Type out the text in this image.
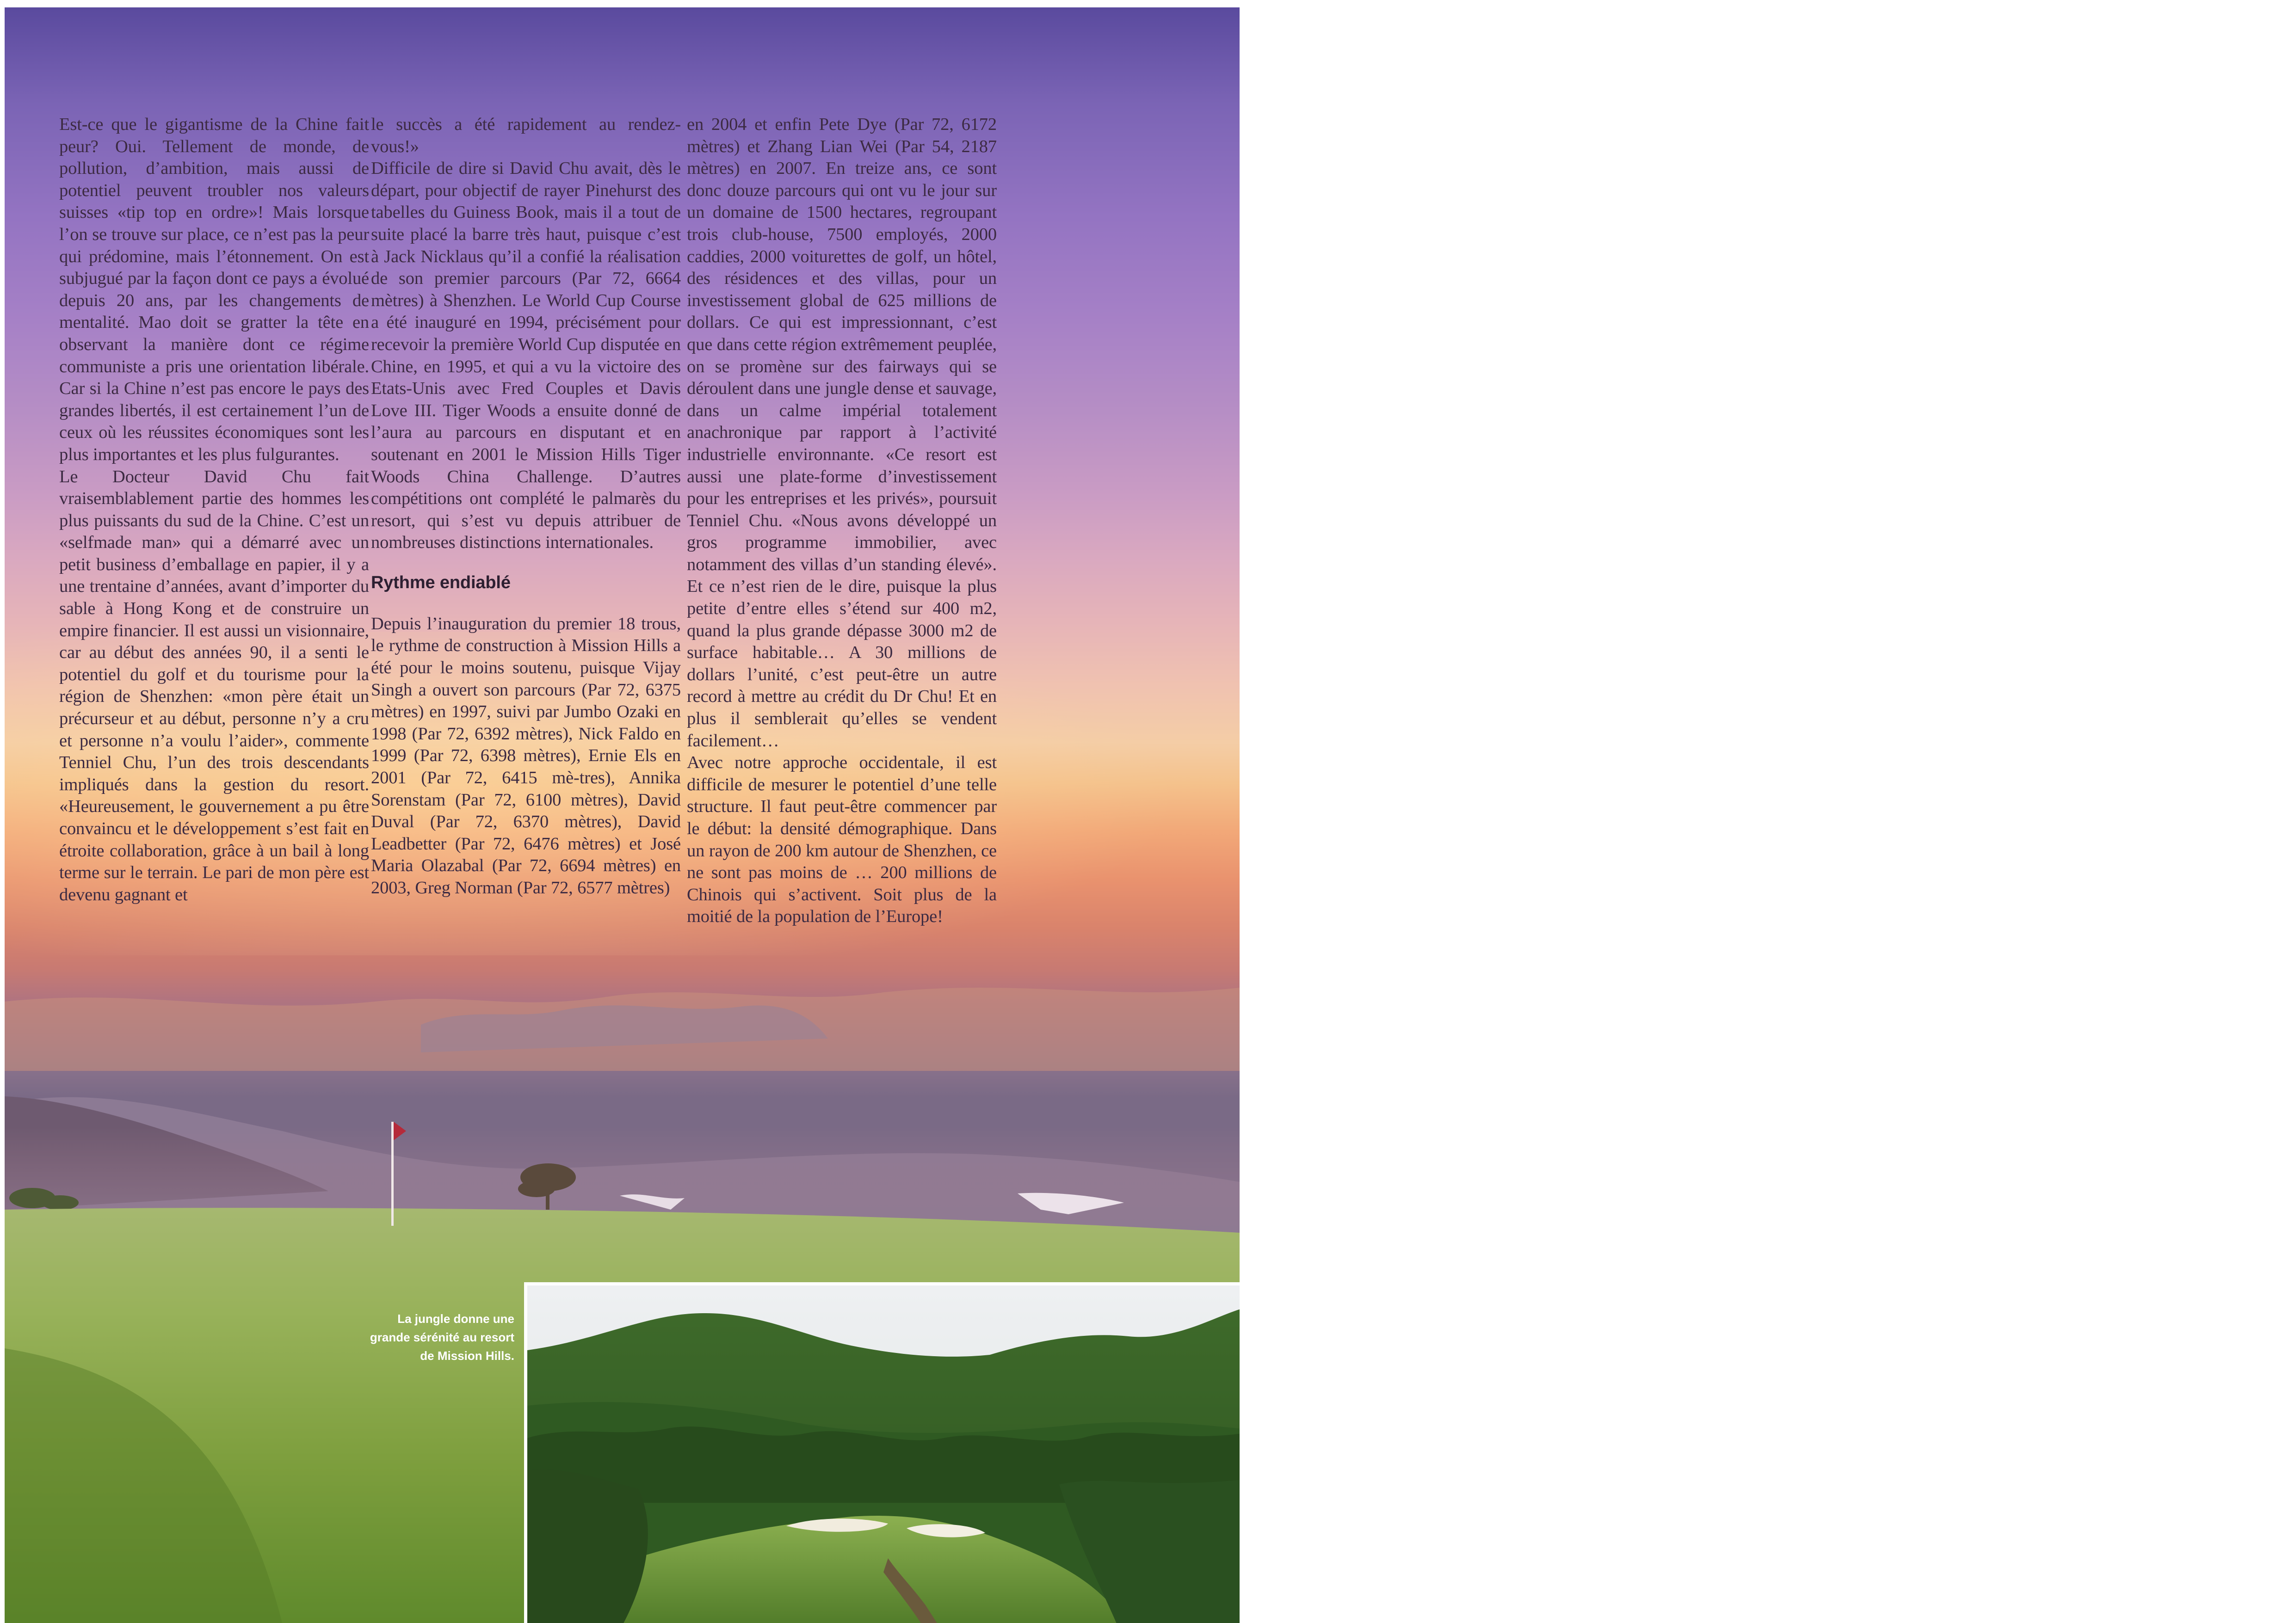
Est-ce que le gigantisme de la Chine fait peur? Oui. Tellement de monde, de pollution, d’ambition, mais aussi de potentiel peuvent troubler nos valeurs suisses «tip top en ordre»! Mais lorsque l’on se trouve sur place, ce n’est pas la peur qui prédomine, mais l’étonnement. On est subjugué par la façon dont ce pays a évolué depuis 20 ans, par les changements de mentalité. Mao doit se gratter la tête en observant la manière dont ce régime communiste a pris une orientation libérale. Car si la Chine n’est pas encore le pays des grandes libertés, il est certainement l’un de ceux où les réussites économiques sont les plus importantes et les plus fulgurantes.

Le Docteur David Chu fait vraisemblablement partie des hommes les plus puissants du sud de la Chine. C’est un «selfmade man» qui a démarré avec un petit business d’emballage en papier, il y a une trentaine d’années, avant d’importer du sable à Hong Kong et de construire un empire financier. Il est aussi un visionnaire, car au début des années 90, il a senti le potentiel du golf et du tourisme pour la région de Shenzhen: «mon père était un précurseur et au début, personne n’y a cru et personne n’a voulu l’aider», commente Tenniel Chu, l’un des trois descendants impliqués dans la gestion du resort. «Heureusement, le gouvernement a pu être convaincu et le développement s’est fait en étroite collaboration, grâce à un bail à long terme sur le terrain. Le pari de mon père est devenu gagnant et

le succès a été rapidement au rendez-vous!»

Difficile de dire si David Chu avait, dès le départ, pour objectif de rayer Pinehurst des tabelles du Guiness Book, mais il a tout de suite placé la barre très haut, puisque c’est à Jack Nicklaus qu’il a confié la réalisation de son premier parcours (Par 72, 6664 mètres) à Shenzhen. Le World Cup Course a été inauguré en 1994, précisément pour recevoir la première World Cup disputée en Chine, en 1995, et qui a vu la victoire des Etats-Unis avec Fred Couples et Davis Love III. Tiger Woods a ensuite donné de l’aura au parcours en disputant et en soutenant en 2001 le Mission Hills Tiger Woods China Challenge. D’autres compétitions ont complété le palmarès du resort, qui s’est vu depuis attribuer de nombreuses distinctions internationales.

Rythme endiablé

Depuis l’inauguration du premier 18 trous, le rythme de construction à Mission Hills a été pour le moins soutenu, puisque Vijay Singh a ouvert son parcours (Par 72, 6375 mètres) en 1997, suivi par Jumbo Ozaki en 1998 (Par 72, 6392 mètres), Nick Faldo en 1999 (Par 72, 6398 mètres), Ernie Els en 2001 (Par 72, 6415 mè-tres), Annika Sorenstam (Par 72, 6100 mètres), David Duval (Par 72, 6370 mètres), David Leadbetter (Par 72, 6476 mètres) et José Maria Olazabal (Par 72, 6694 mètres) en 2003, Greg Norman (Par 72, 6577 mètres)

en 2004 et enfin Pete Dye (Par 72, 6172 mètres) et Zhang Lian Wei (Par 54, 2187 mètres) en 2007. En treize ans, ce sont donc douze parcours qui ont vu le jour sur un domaine de 1500 hectares, regroupant trois club-house, 7500 employés, 2000 caddies, 2000 voiturettes de golf, un hôtel, des résidences et des villas, pour un investissement global de 625 millions de dollars. Ce qui est impressionnant, c’est que dans cette région extrêmement peuplée, on se promène sur des fairways qui se déroulent dans une jungle dense et sauvage, dans un calme impérial totalement anachronique par rapport à l’activité industrielle environnante. «Ce resort est aussi une plate-forme d’investissement pour les entreprises et les privés», poursuit Tenniel Chu. «Nous avons développé un gros programme immobilier, avec notamment des villas d’un standing élevé». Et ce n’est rien de le dire, puisque la plus petite d’entre elles s’étend sur 400 m2, quand la plus grande dépasse 3000 m2 de surface habitable… A 30 millions de dollars l’unité, c’est peut-être un autre record à mettre au crédit du Dr Chu! Et en plus il semblerait qu’elles se vendent facilement…

Avec notre approche occidentale, il est difficile de mesurer le potentiel d’une telle structure. Il faut peut-être commencer par le début: la densité démographique. Dans un rayon de 200 km autour de Shenzhen, ce ne sont pas moins de … 200 millions de Chinois qui s’activent. Soit plus de la moitié de la population de l’Europe!

La jungle donne une grande sérénité au resort de Mission Hills.
